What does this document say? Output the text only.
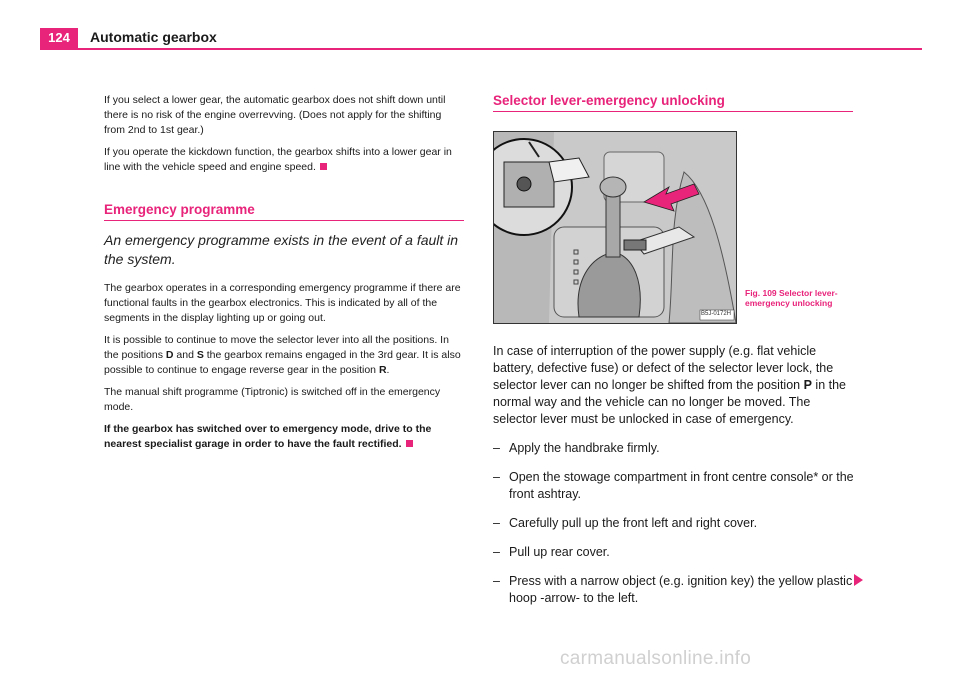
124	Automatic gearbox

If you select a lower gear, the automatic gearbox does not shift down until there is no risk of the engine overrevving. (Does not apply for the shifting from 2nd to 1st gear.)

If you operate the kickdown function, the gearbox shifts into a lower gear in line with the vehicle speed and engine speed.

Emergency programme

An emergency programme exists in the event of a fault in the system.

The gearbox operates in a corresponding emergency programme if there are functional faults in the gearbox electronics. This is indicated by all of the segments in the display lighting up or going out.

It is possible to continue to move the selector lever into all the positions. In the positions D and S the gearbox remains engaged in the 3rd gear. It is also possible to continue to engage reverse gear in the position R.

The manual shift programme (Tiptronic) is switched off in the emergency mode.

If the gearbox has switched over to emergency mode, drive to the nearest specialist garage in order to have the fault rectified.

Selector lever-emergency unlocking
B5J-0172H
Fig. 109 Selector lever-emergency unlocking

In case of interruption of the power supply (e.g. flat vehicle battery, defective fuse) or defect of the selector lever lock, the selector lever can no longer be shifted from the position P in the normal way and the vehicle can no longer be moved. The selector lever must be unlocked in case of emergency.

– Apply the handbrake firmly.
– Open the stowage compartment in front centre console* or the front ashtray.
– Carefully pull up the front left and right cover.
– Pull up rear cover.
– Press with a narrow object (e.g. ignition key) the yellow plastic hoop -arrow- to the left.
carmanualsonline.info
